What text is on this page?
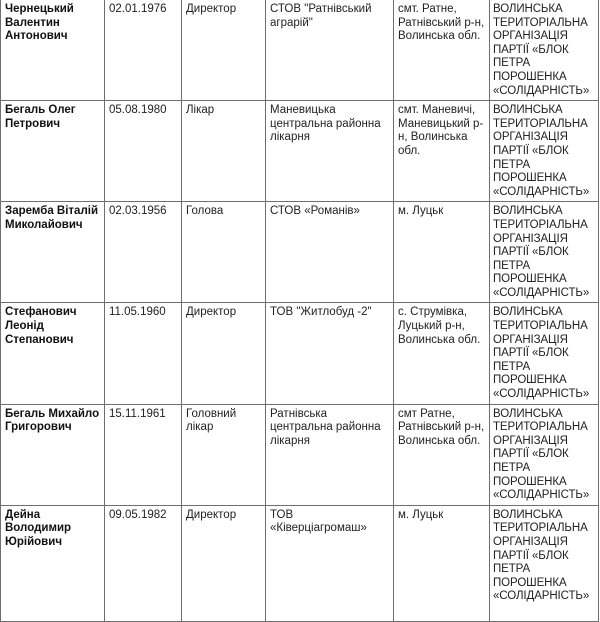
Чернецький Валентин Антонович	02.01.1976	Директор	СТОВ "Ратнівський аграрій"	смт. Ратне, Ратнівський р-н, Волинська обл.	ВОЛИНСЬКА ТЕРИТОРІАЛЬНА ОРГАНІЗАЦІЯ ПАРТІЇ «БЛОК ПЕТРА ПОРОШЕНКА «СОЛІДАРНІСТЬ»
Бегаль Олег Петрович	05.08.1980	Лікар	Маневицька центральна районна лікарня	смт. Маневичі, Маневицький р-н, Волинська обл.	ВОЛИНСЬКА ТЕРИТОРІАЛЬНА ОРГАНІЗАЦІЯ ПАРТІЇ «БЛОК ПЕТРА ПОРОШЕНКА «СОЛІДАРНІСТЬ»
Заремба Віталій Миколайович	02.03.1956	Голова	СТОВ «Романів»	м. Луцьк	ВОЛИНСЬКА ТЕРИТОРІАЛЬНА ОРГАНІЗАЦІЯ ПАРТІЇ «БЛОК ПЕТРА ПОРОШЕНКА «СОЛІДАРНІСТЬ»
Стефанович Леонід Степанович	11.05.1960	Директор	ТОВ "Житлобуд -2"	с. Струмівка, Луцький р-н, Волинська обл.	ВОЛИНСЬКА ТЕРИТОРІАЛЬНА ОРГАНІЗАЦІЯ ПАРТІЇ «БЛОК ПЕТРА ПОРОШЕНКА «СОЛІДАРНІСТЬ»
Бегаль Михайло Григорович	15.11.1961	Головний лікар	Ратнівська центральна районна лікарня	смт Ратне, Ратнівський р-н, Волинська обл.	ВОЛИНСЬКА ТЕРИТОРІАЛЬНА ОРГАНІЗАЦІЯ ПАРТІЇ «БЛОК ПЕТРА ПОРОШЕНКА «СОЛІДАРНІСТЬ»
Дейна Володимир Юрійович	09.05.1982	Директор	ТОВ «Ківерціагромаш»	м. Луцьк	ВОЛИНСЬКА ТЕРИТОРІАЛЬНА ОРГАНІЗАЦІЯ ПАРТІЇ «БЛОК ПЕТРА ПОРОШЕНКА «СОЛІДАРНІСТЬ»
